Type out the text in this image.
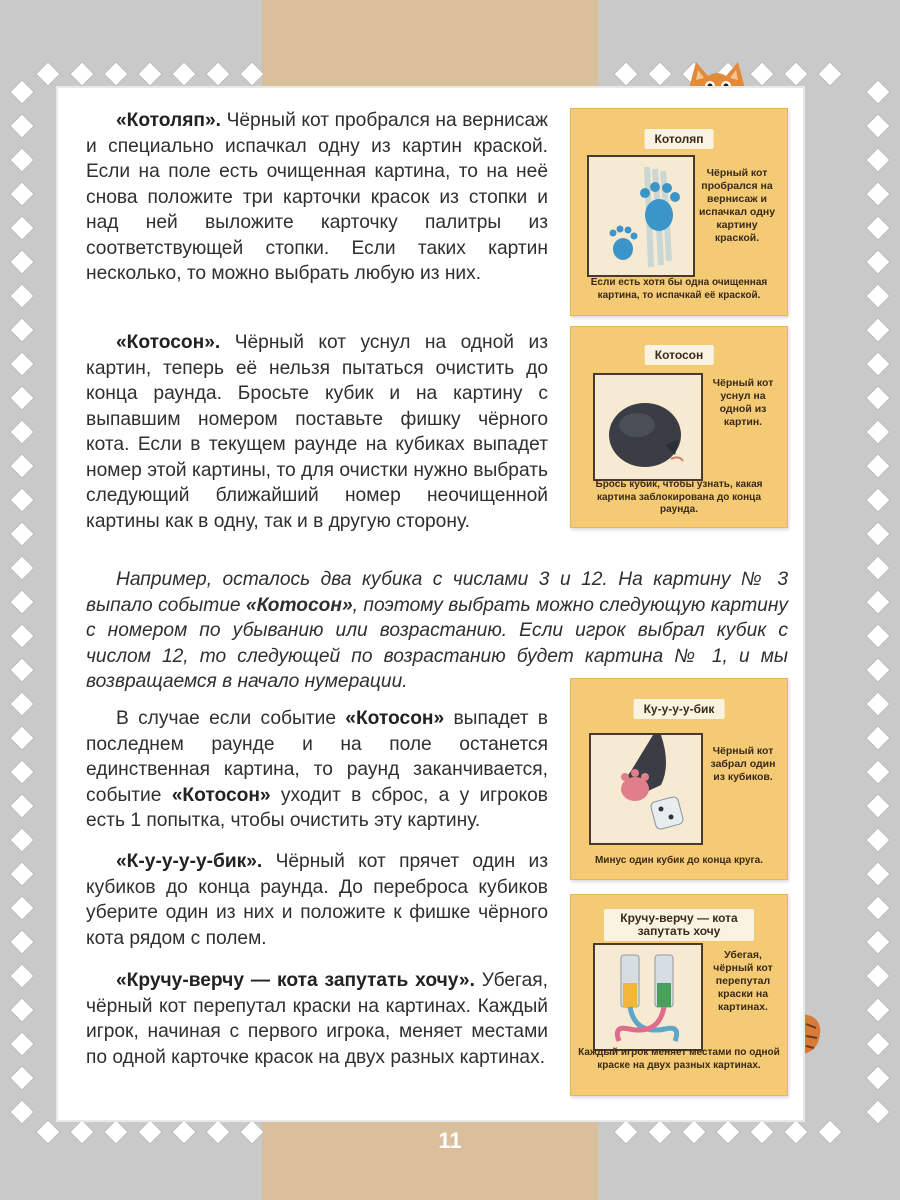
«Котоляп». Чёрный кот пробрался на вернисаж и специально испачкал одну из картин краской. Если на поле есть очищенная картина, то на неё снова положите три карточки красок из стопки и над ней выложите карточку палитры из соответствующей стопки. Если таких картин несколько, то можно выбрать любую из них.

«Котосон». Чёрный кот уснул на одной из картин, теперь её нельзя пытаться очистить до конца раунда. Бросьте кубик и на картину с выпавшим номером поставьте фишку чёрного кота. Если в текущем раунде на кубиках выпадет номер этой картины, то для очистки нужно выбрать следующий ближайший номер неочищенной картины как в одну, так и в другую сторону.

Например, осталось два кубика с числами 3 и 12. На картину № 3 выпало событие «Котосон», поэтому выбрать можно следующую картину с номером по убыванию или возрастанию. Если игрок выбрал кубик с числом 12, то следующей по возрастанию будет картина № 1, и мы возвращаемся в начало нумерации.

В случае если событие «Котосон» выпадет в последнем раунде и на поле останется единственная картина, то раунд заканчивается, событие «Котосон» уходит в сброс, а у игроков есть 1 попытка, чтобы очистить эту картину.

«К-у-у-у-у-бик». Чёрный кот прячет один из кубиков до конца раунда. До переброса кубиков уберите один из них и положите к фишке чёрного кота рядом с полем.

«Кручу-верчу — кота запутать хочу». Убегая, чёрный кот перепутал краски на картинах. Каждый игрок, начиная с первого игрока, меняет местами по одной карточке красок на двух разных картинах.

Котоляп
Чёрный кот пробрался на вернисаж и испачкал одну картину краской.
Если есть хотя бы одна очищенная картина, то испачкай её краской.
Котосон
Чёрный кот уснул на одной из картин.
Брось кубик, чтобы узнать, какая картина заблокирована до конца раунда.
Ку-у-у-у-бик
Чёрный кот забрал один из кубиков.
Минус один кубик до конца круга.
Кручу-верчу — кота запутать хочу
Убегая, чёрный кот перепутал краски на картинах.
Каждый игрок меняет местами по одной краске на двух разных картинах.
11
